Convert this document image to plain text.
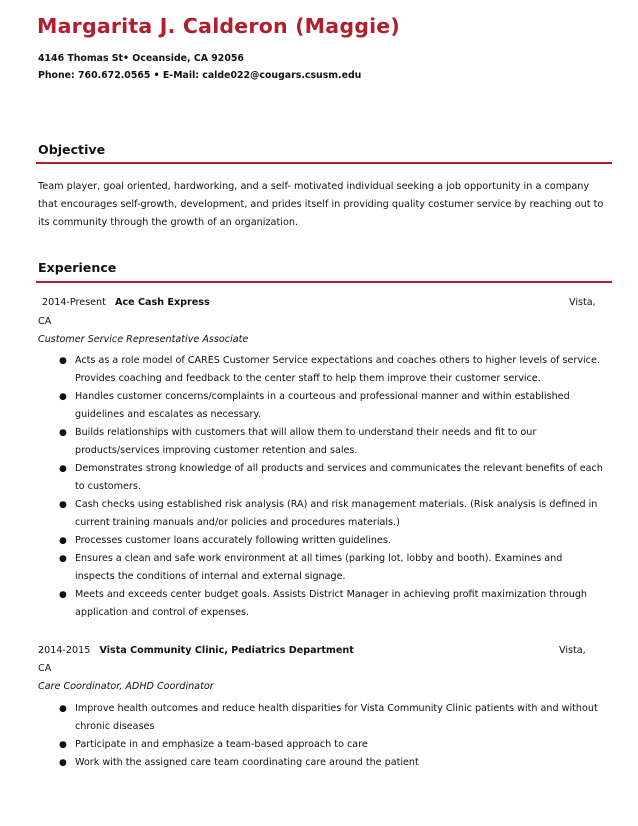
Margarita J. Calderon (Maggie)
4146 Thomas St• Oceanside, CA 92056
Phone: 760.672.0565 • E-Mail: calde022@cougars.csusm.edu
Objective
Team player, goal oriented, hardworking, and a self- motivated individual seeking a job opportunity in a company
that encourages self-growth, development, and prides itself in providing quality costumer service by reaching out to
its community through the growth of an organization.
Experience
2014-Present Ace Cash Express	Vista,
CA
Customer Service Representative Associate
● Acts as a role model of CARES Customer Service expectations and coaches others to higher levels of service.
Provides coaching and feedback to the center staff to help them improve their customer service.
● Handles customer concerns/complaints in a courteous and professional manner and within established
guidelines and escalates as necessary.
● Builds relationships with customers that will allow them to understand their needs and fit to our
products/services improving customer retention and sales.
● Demonstrates strong knowledge of all products and services and communicates the relevant benefits of each
to customers.
● Cash checks using established risk analysis (RA) and risk management materials. (Risk analysis is defined in
current training manuals and/or policies and procedures materials.)
● Processes customer loans accurately following written guidelines.
● Ensures a clean and safe work environment at all times (parking lot, lobby and booth). Examines and
inspects the conditions of internal and external signage.
● Meets and exceeds center budget goals. Assists District Manager in achieving profit maximization through
application and control of expenses.
2014-2015 Vista Community Clinic, Pediatrics Department	Vista,
CA
Care Coordinator, ADHD Coordinator
● Improve health outcomes and reduce health disparities for Vista Community Clinic patients with and without
chronic diseases
● Participate in and emphasize a team-based approach to care
● Work with the assigned care team coordinating care around the patient
